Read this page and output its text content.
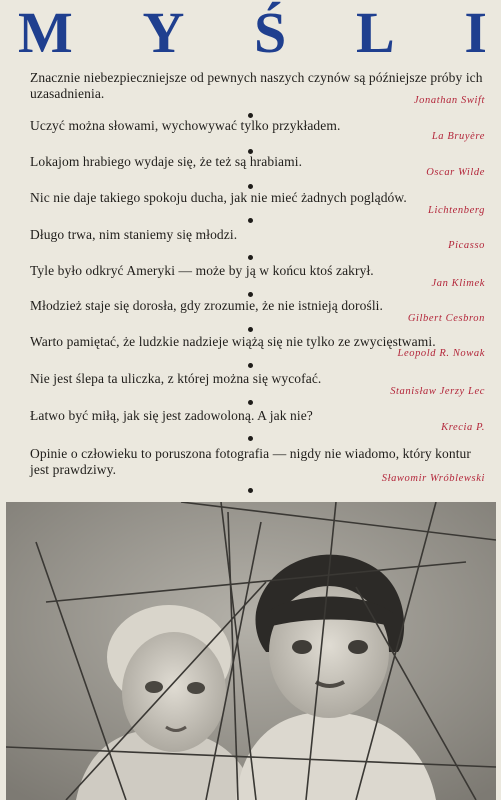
M Y Ś L I
Znacznie niebezpieczniejsze od pewnych naszych czynów są późniejsze próby ich uzasadnienia.	Jonathan Swift
Uczyć można słowami, wychowywać tylko przykładem.
La Bruyère
Lokajom hrabiego wydaje się, że też są hrabiami.
Oscar Wilde
Nic nie daje takiego spokoju ducha, jak nie mieć żadnych poglądów.
Lichtenberg
Długo trwa, nim staniemy się młodzi.
Picasso
Tyle było odkryć Ameryki — może by ją w końcu ktoś zakrył.
Jan Klimek
Młodzież staje się dorosła, gdy zrozumie, że nie istnieją dorośli.
Gilbert Cesbron
Warto pamiętać, że ludzkie nadzieje wiążą się nie tylko ze zwycięstwami.
Leopold R. Nowak
Nie jest ślepa ta uliczka, z której można się wycofać.
Stanisław Jerzy Lec
Łatwo być miłą, jak się jest zadowoloną. A jak nie?
Krecia P.
Opinie o człowieku to poruszona fotografia — nigdy nie wiadomo, który kontur jest prawdziwy.
Sławomir Wróblewski
